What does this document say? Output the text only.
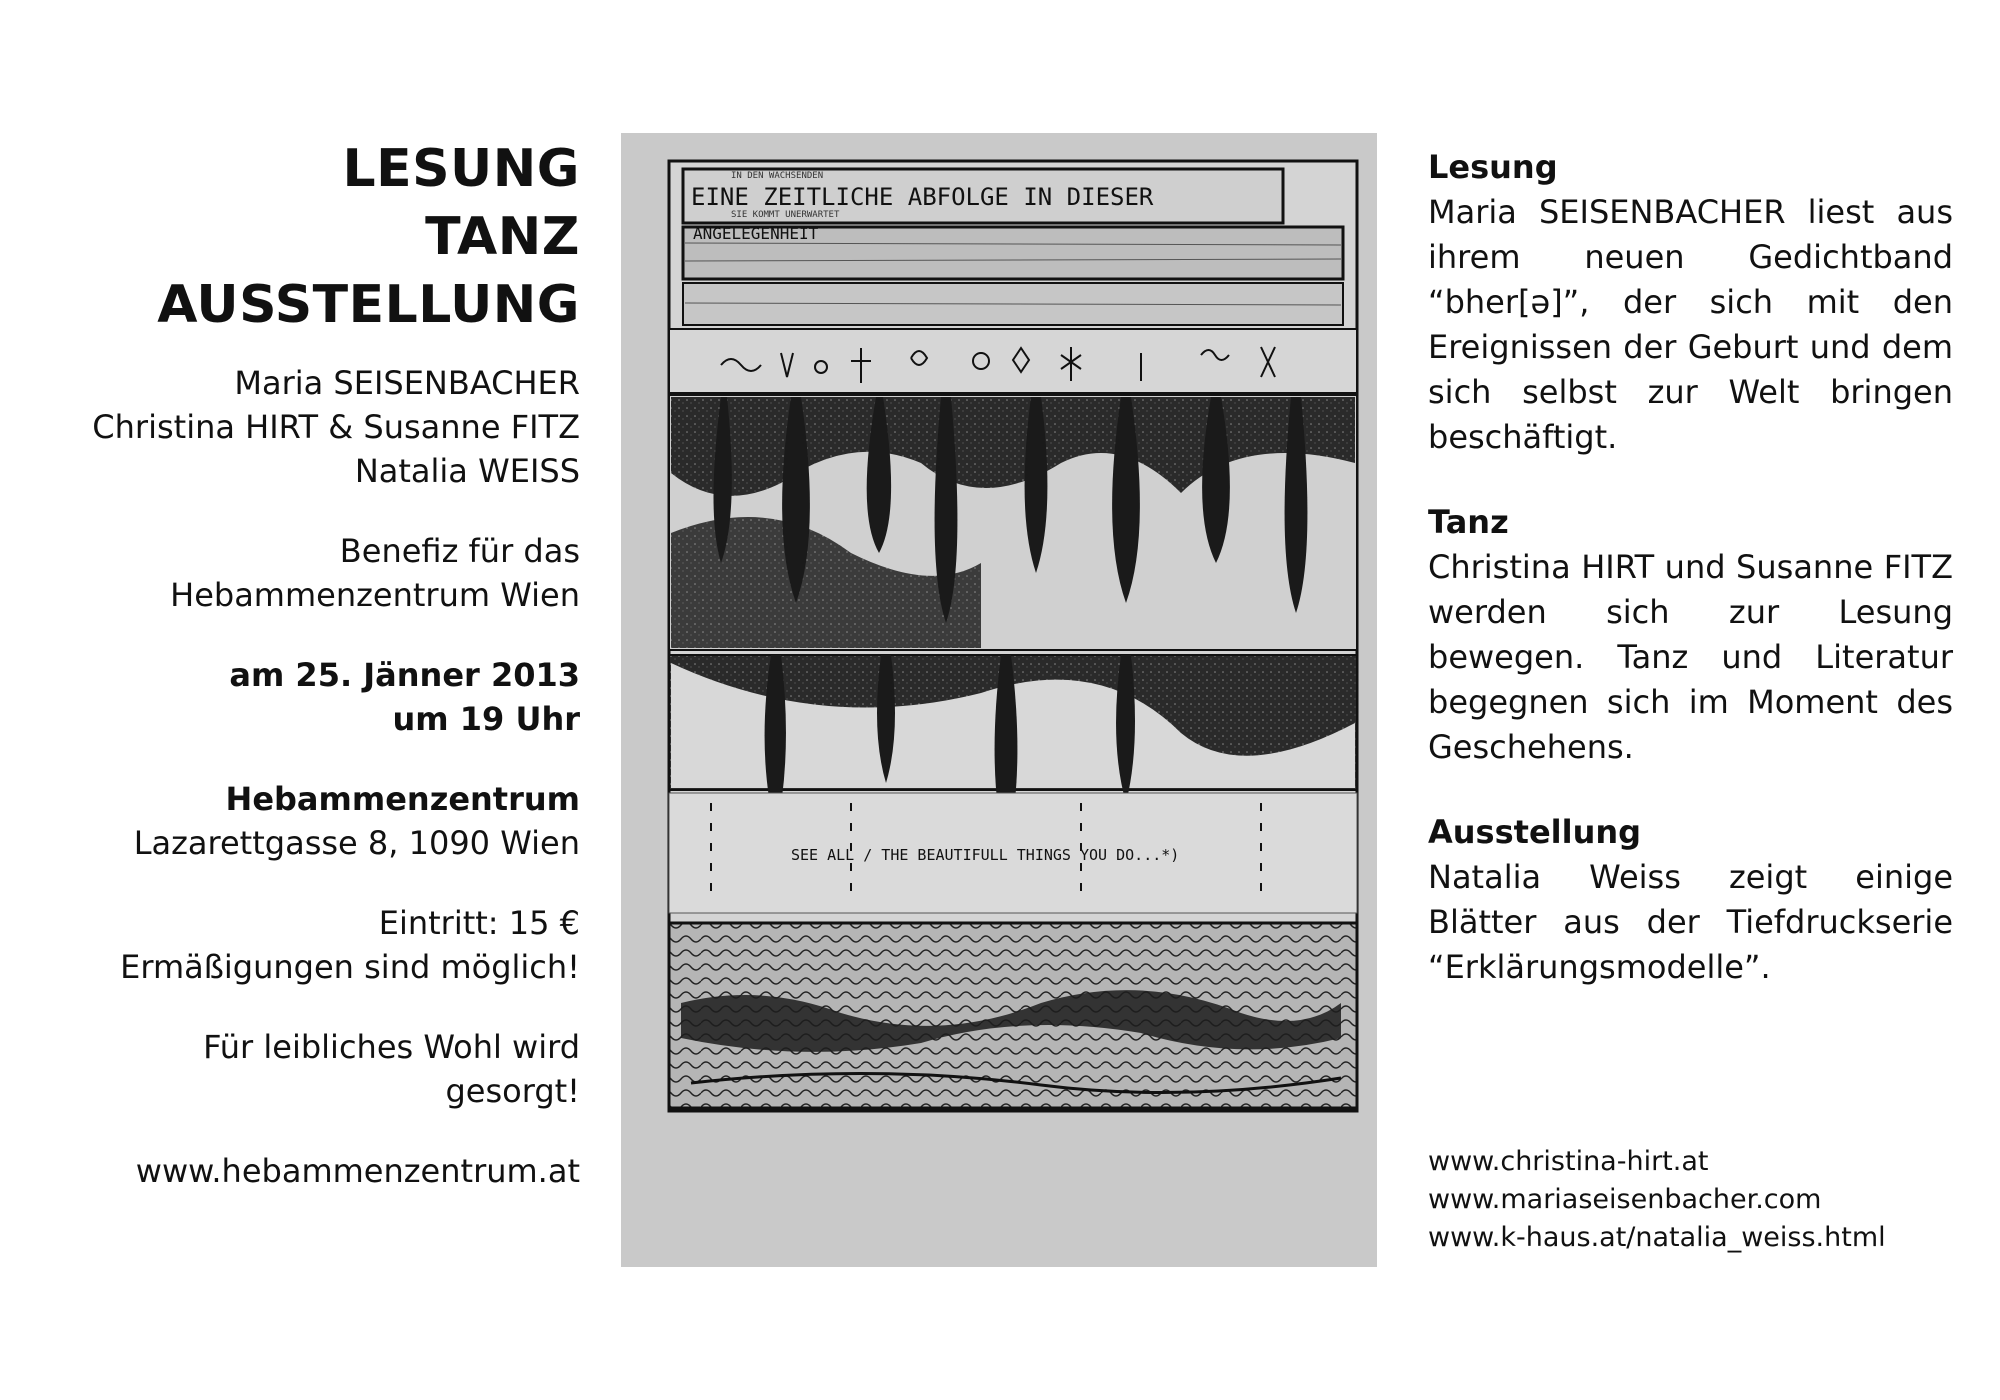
LESUNG
TANZ
AUSSTELLUNG
Maria SEISENBACHER
Christina HIRT & Susanne FITZ
Natalia WEISS
Benefiz für das
Hebammenzentrum Wien
am 25. Jänner 2013
um 19 Uhr
Hebammenzentrum
Lazarettgasse 8, 1090 Wien
Eintritt: 15 €
Ermäßigungen sind möglich!
Für leibliches Wohl wird
gesorgt!
www.hebammenzentrum.at
EINE ZEITLICHE ABFOLGE IN DIESER
IN DEN WACHSENDEN
SIE KOMMT UNERWARTET
ANGELEGENHEIT
SEE ALL / THE BEAUTIFULL THINGS YOU DO...*)
Lesung

Maria SEISENBACHER liest aus ihrem neuen Gedichtband “bher[ə]”, der sich mit den Ereignissen der Geburt und dem sich selbst zur Welt bringen beschäftigt.

Tanz

Christina HIRT und Susanne FITZ werden sich zur Lesung bewegen. Tanz und Literatur begegnen sich im Moment des Geschehens.

Ausstellung

Natalia Weiss zeigt einige Blätter aus der Tiefdruckserie “Erklärungsmodelle”.

www.christina-hirt.at
www.mariaseisenbacher.com
www.k-haus.at/natalia_weiss.html
